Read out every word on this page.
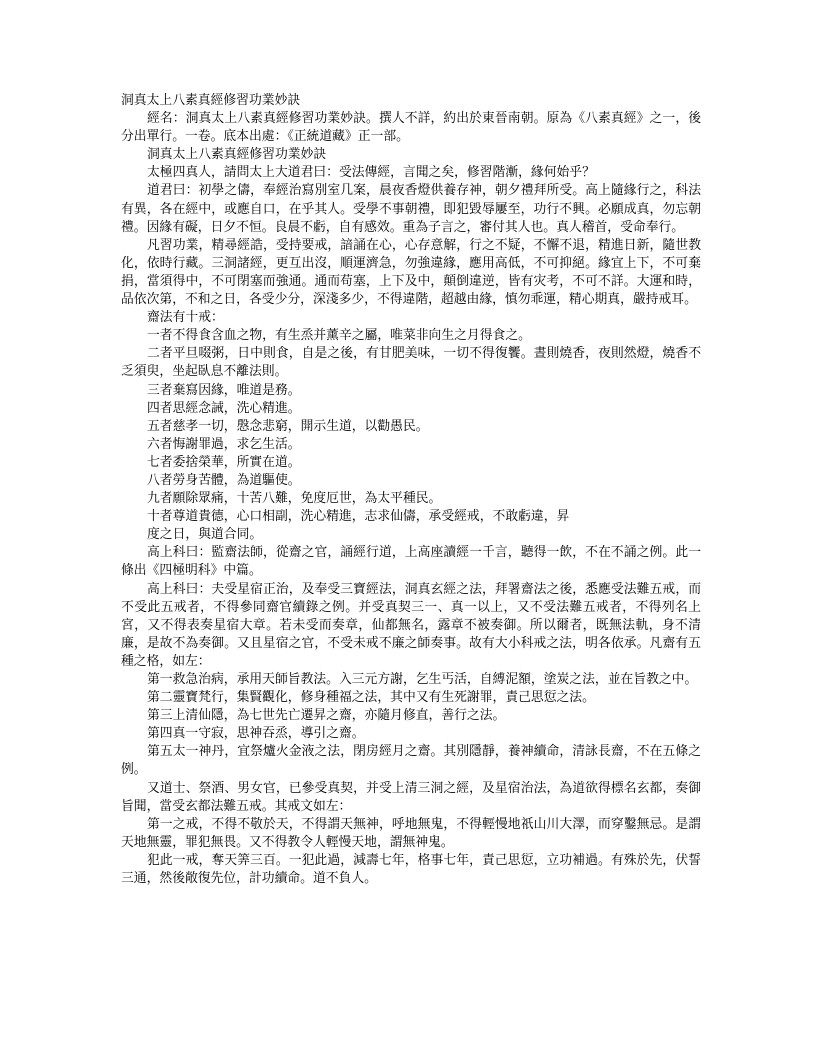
洞真太上八素真經修習功業妙訣

經名：洞真太上八素真經修習功業妙訣。撰人不詳，約出於東晉南朝。原為《八素真經》之一，後分出單行。一卷。底本出處：《正統道藏》正一部。

洞真太上八素真經修習功業妙訣

太極四真人，請問太上大道君曰：受法傳經，言聞之矣，修習階漸，緣何始乎？

道君曰：初學之儔，奉經治寫別室几案，晨夜香燈供養存神，朝夕禮拜所受。高上隨緣行之，科法有異，各在經中，或應自口，在乎其人。受學不事朝禮，即犯毀辱屢至，功行不興。必願成真，勿忘朝禮。因緣有礙，日夕不恒。良晨不虧，自有感效。重為子言之，審付其人也。真人稽首，受命奉行。

凡習功業，精尋經誥，受持要戒，諳誦在心，心存意解，行之不疑，不懈不退，精進日新，隨世教化，依時行藏。三洞諸經，更互出沒，順運濟急，勿強違緣，應用高低，不可抑絕。緣宜上下，不可棄捐，當須得中，不可閉塞而強通。通而苟塞，上下及中，顛倒違逆，皆有灾考，不可不詳。大運和時，品依次第，不和之日，各受少分，深淺多少，不得違階，超越由緣，慎勿乖運，精心期真，嚴持戒耳。

齋法有十戒：

一者不得食含血之物，有生烝并薰辛之屬，唯菜非向生之月得食之。

二者平旦啜粥，日中則食，自是之後，有甘肥美味，一切不得復饗。晝則燒香，夜則然燈，燒香不乏須臾，坐起臥息不離法則。

三者棄寫因緣，唯道是務。

四者思經念誡，洗心精進。

五者慈孝一切，慇念悲窮，開示生道，以勸愚民。

六者悔謝罪過，求乞生活。

七者委捨榮華，所實在道。

八者勞身苦體，為道驅使。

九者願除眾痛，十苦八難，免度厄世，為太平種民。

十者尊道貴德，心口相副，洗心精進，志求仙儔，承受經戒，不敢虧違，昇

度之日，與道合同。

高上科曰：監齋法師，從齋之官，誦經行道，上高座讀經一千言，聽得一飲，不在不誦之例。此一條出《四極明科》中篇。

高上科曰：夫受星宿正治，及奉受三寶經法，洞真玄經之法，拜署齋法之後，悉應受法難五戒，而不受此五戒者，不得參同齋官續錄之例。并受真契三一、真一以上，又不受法難五戒者，不得列名上宮，又不得表奏星宿大章。若未受而奏章，仙都無名，露章不被奏御。所以爾者，既無法軌，身不清廉，是故不為奏御。又且星宿之官，不受未戒不廉之師奏事。故有大小科戒之法，明各依承。凡齋有五種之格，如左：

第一救急治病，承用天師旨教法。入三元方謝，乞生丐活，自縛泥額，塗炭之法，並在旨教之中。

第二靈寶梵行，集賢觀化，修身種福之法，其中又有生死謝罪，責己思愆之法。

第三上清仙隱，為七世先亡遷昇之齋，亦隨月修直，善行之法。

第四真一守寂，思神吞烝，導引之齋。

第五太一神丹，宜祭爐火金液之法，閉房經月之齋。其別隱靜，養神續命，清詠長齋，不在五條之例。

又道士、祭酒、男女官，已參受真契，并受上清三洞之經，及星宿治法，為道欲得標名玄都，奏御旨聞，當受玄都法難五戒。其戒文如左：

第一之戒，不得不敬於天，不得謂天無神，呼地無鬼，不得輕慢地祇山川大澤，而穿鑿無忌。是謂天地無靈，罪犯無畏。又不得教令人輕慢天地，謂無神鬼。

犯此一戒，奪天筭三百。一犯此過，減壽七年，格事七年，責己思愆，立功補過。有殊於先，伏誓三通，然後敞復先位，計功續命。道不負人。
